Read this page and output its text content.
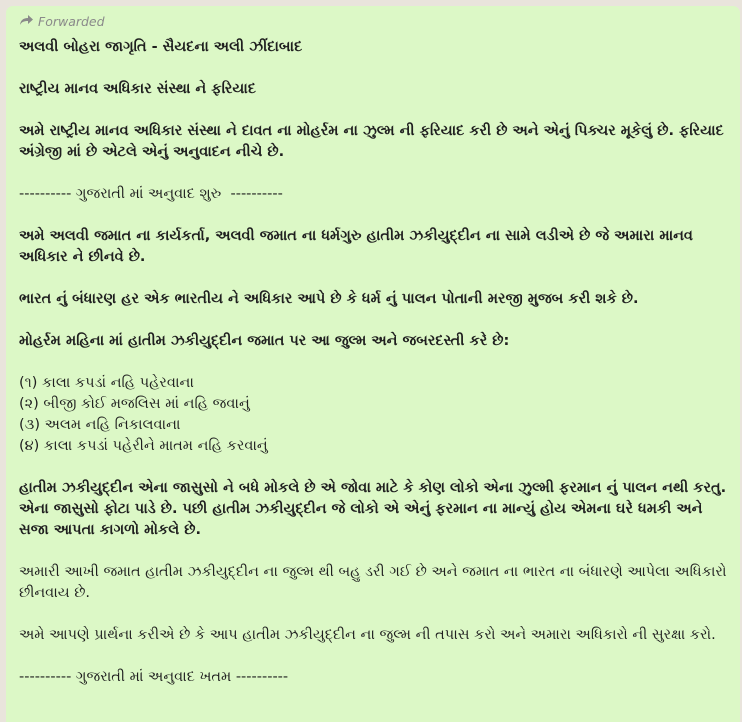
Forwarded

અલવી બોહરા જાગૃતિ - સૈયદના અલી ઝીંદાબાદ

રાષ્ટ્રીય માનવ અધિકાર સંસ્થા ને ફરિયાદ

અમે રાષ્ટ્રીય માનવ અધિકાર સંસ્થા ને દાવત ના મોહર્રમ ના ઝુલ્મ ની ફરિયાદ કરી છે અને એનું પિક્ચર મૂકેલું છે. ફરિયાદ અંગ્રેજી માં છે એટલે એનું અનુવાદન નીચે છે.

---------- ગુજરાતી માં અનુવાદ શુરુ  ----------

અમે અલવી જમાત ના કાર્યકર્તા, અલવી જમાત ના ધર્મગુરુ હાતીમ ઝકીયુદ્દીન ના સામે લડીએ છે જે અમારા માનવ અધિકાર ને છીનવે છે.

ભારત નું બંધારણ હર એક ભારતીય ને અધિકાર આપે છે કે ધર્મ નું પાલન પોતાની મરજી મુજબ કરી શકે છે.

મોહર્રમ મહિના માં હાતીમ ઝકીયુદ્દીન જમાત પર આ જુલ્મ અને જબરદસ્તી કરે છે:

(૧) કાલા કપડાં નહિ પહેરવાના
(૨) બીજી કોઈ મજલિસ માં નહિ જવાનું
(૩) અલમ નહિ નિકાલવાના
(૪) કાલા કપડાં પહેરીને માતમ નહિ કરવાનું

હાતીમ ઝકીયુદ્દીન એના જાસુસો ને બધે મોકલે છે એ જોવા માટે કે કોણ લોકો એના ઝુલ્મી ફરમાન નું પાલન નથી કરતુ. એના જાસુસો ફોટા પાડે છે. પછી હાતીમ ઝકીયુદ્દીન જે લોકો એ એનું ફરમાન ના માન્યું હોય એમના ઘરે ધમકી અને સજા આપતા કાગળો મોકલે છે.

અમારી આખી જમાત હાતીમ ઝકીયુદ્દીન ના જુલ્મ થી બહુ ડરી ગઈ છે અને જમાત ના ભારત ના બંધારણે આપેલા અધિકારો છીનવાય છે.

અમે આપણે પ્રાર્થના કરીએ છે કે આપ હાતીમ ઝકીયુદ્દીન ના જુલ્મ ની તપાસ કરો અને અમારા અધિકારો ની સુરક્ષા કરો.

---------- ગુજરાતી માં અનુવાદ ખતમ ----------
